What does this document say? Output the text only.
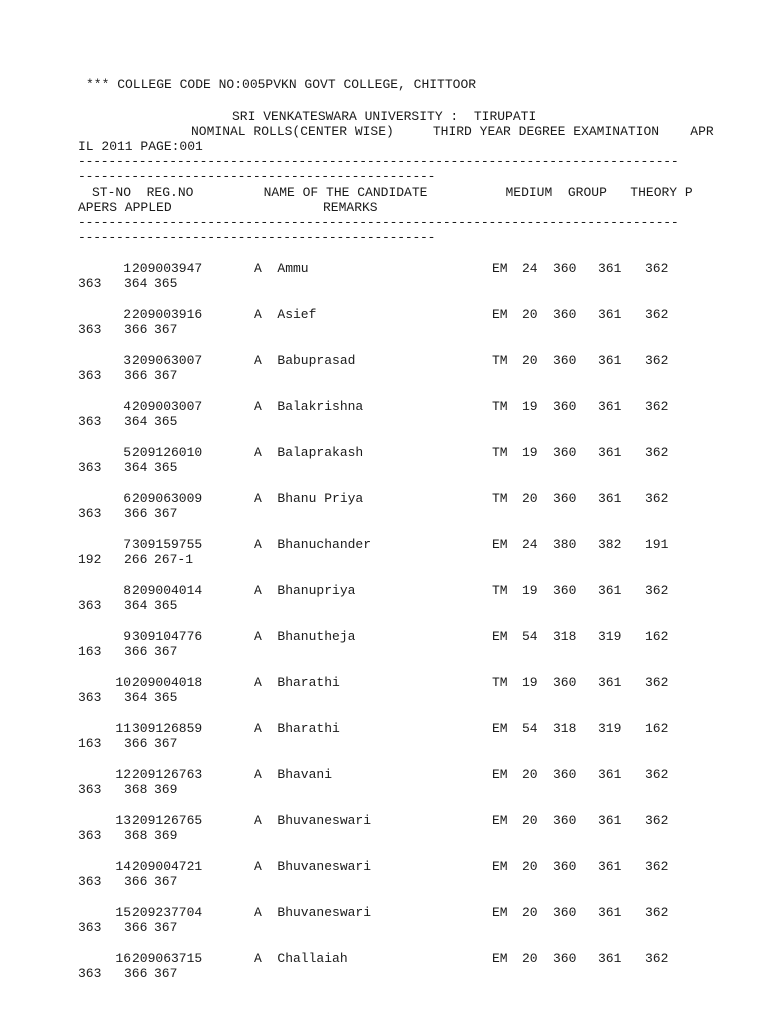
*** COLLEGE CODE NO:005PVKN GOVT COLLEGE, CHITTOOR
SRI VENKATESWARA UNIVERSITY :  TIRUPATI
NOMINAL ROLLS(CENTER WISE)     THIRD YEAR DEGREE EXAMINATION    APR
IL 2011 PAGE:001
-------------------------------------------------------------------------------
-----------------------------------------------
ST-NO  REG.NO         NAME OF THE CANDIDATE          MEDIUM  GROUP   THEORY P
APERS APPLED	REMARKS
-------------------------------------------------------------------------------
-----------------------------------------------
1 209003947	A  Ammu	EM 24 360 361 362
363 364 365
2 209003916	A  Asief	EM 20 360 361 362
363 366 367
3 209063007	A  Babuprasad	TM 20 360 361 362
363 366 367
4 209003007	A  Balakrishna	TM 19 360 361 362
363 364 365
5 209126010	A  Balaprakash	TM 19 360 361 362
363 364 365
6 209063009	A  Bhanu Priya	TM 20 360 361 362
363 366 367
7 309159755	A  Bhanuchander	EM 24 380 382 191
192 266 267-1
8 209004014	A  Bhanupriya	TM 19 360 361 362
363 364 365
9 309104776	A  Bhanutheja	EM 54 318 319 162
163 366 367
10 209004018	A  Bharathi	TM 19 360 361 362
363 364 365
11 309126859	A  Bharathi	EM 54 318 319 162
163 366 367
12 209126763	A  Bhavani	EM 20 360 361 362
363 368 369
13 209126765	A  Bhuvaneswari	EM 20 360 361 362
363 368 369
14 209004721	A  Bhuvaneswari	EM 20 360 361 362
363 366 367
15 209237704	A  Bhuvaneswari	EM 20 360 361 362
363 366 367
16 209063715	A  Challaiah	EM 20 360 361 362
363 366 367
